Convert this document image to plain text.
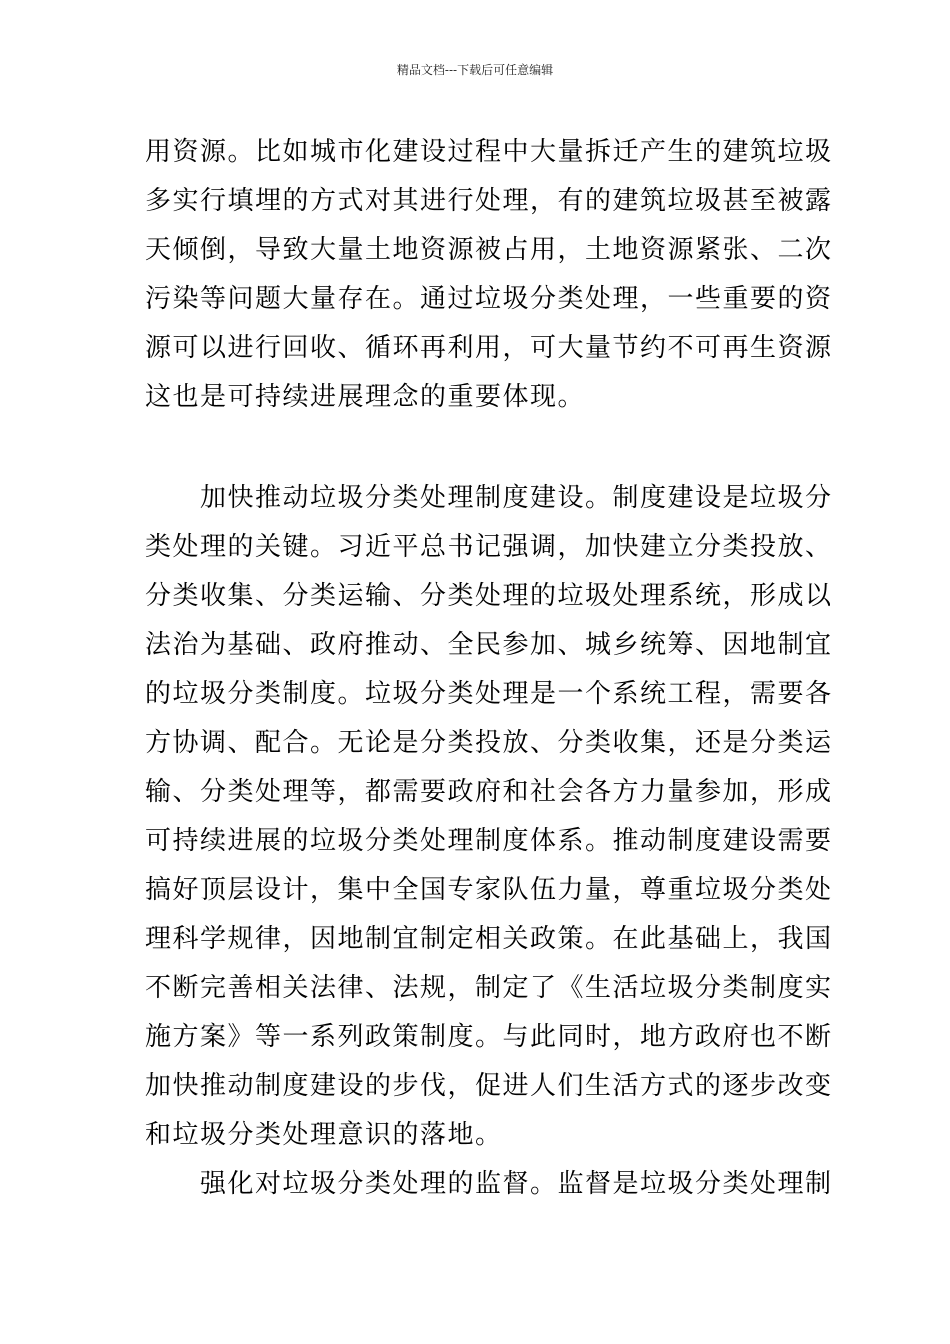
精品文档---下载后可任意编辑
用资源。比如城市化建设过程中大量拆迁产生的建筑垃圾
多实行填埋的方式对其进行处理，有的建筑垃圾甚至被露
天倾倒，导致大量土地资源被占用，土地资源紧张、二次
污染等问题大量存在。通过垃圾分类处理，一些重要的资
源可以进行回收、循环再利用，可大量节约不可再生资源
这也是可持续进展理念的重要体现。
加快推动垃圾分类处理制度建设。制度建设是垃圾分
类处理的关键。习近平总书记强调，加快建立分类投放、
分类收集、分类运输、分类处理的垃圾处理系统，形成以
法治为基础、政府推动、全民参加、城乡统筹、因地制宜
的垃圾分类制度。垃圾分类处理是一个系统工程，需要各
方协调、配合。无论是分类投放、分类收集，还是分类运
输、分类处理等，都需要政府和社会各方力量参加，形成
可持续进展的垃圾分类处理制度体系。推动制度建设需要
搞好顶层设计，集中全国专家队伍力量，尊重垃圾分类处
理科学规律，因地制宜制定相关政策。在此基础上，我国
不断完善相关法律、法规，制定了《生活垃圾分类制度实
施方案》等一系列政策制度。与此同时，地方政府也不断
加快推动制度建设的步伐，促进人们生活方式的逐步改变
和垃圾分类处理意识的落地。
强化对垃圾分类处理的监督。监督是垃圾分类处理制
